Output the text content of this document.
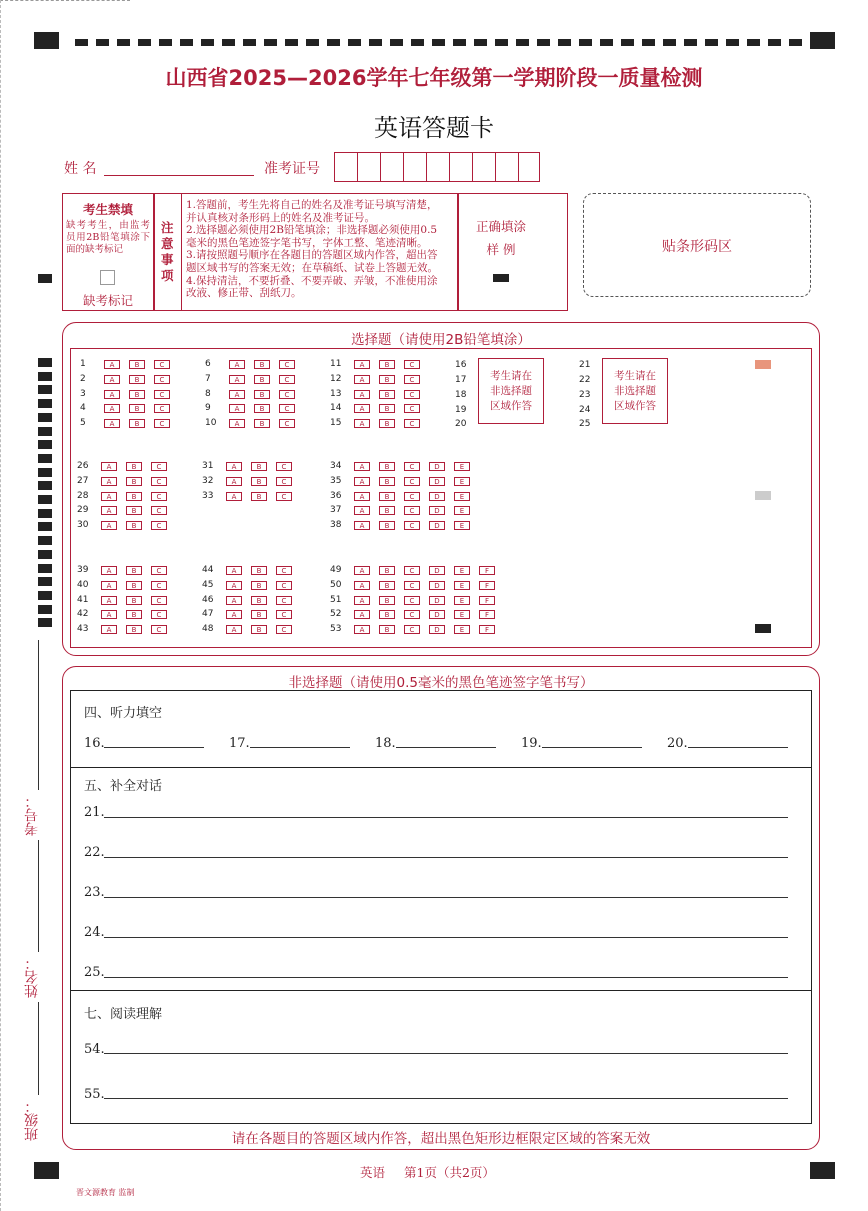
山西省2025—2026学年七年级第一学期阶段一质量检测
英语答题卡
姓 名	准考证号
考生禁填
缺考考生，由监考员用2B铅笔填涂下面的缺考标记
缺考标记
注意事项
1.答题前，考生先将自己的姓名及准考证号填写清楚，
并认真核对条形码上的姓名及准考证号。
2.选择题必须使用2B铅笔填涂；非选择题必须使用0.5
毫米的黑色笔迹签字笔书写，字体工整、笔迹清晰。
3.请按照题号顺序在各题目的答题区域内作答，超出答
题区域书写的答案无效；在草稿纸、试卷上答题无效。
4.保持清洁，不要折叠、不要弄破、弄皱，不准使用涂
改液、修正带、刮纸刀。
正确填涂
样 例	贴条形码区
选择题（请使用2B铅笔填涂）
1	A	B	C
2	A	B	C
3	A	B	C
4	A	B	C
5	A	B	C
6	A	B	C
7	A	B	C
8	A	B	C
9	A	B	C
10	A	B	C
11	A	B	C
12	A	B	C
13	A	B	C
14	A	B	C
15	A	B	C
26	A	B	C
27	A	B	C
28	A	B	C
29	A	B	C
30	A	B	C
31	A	B	C
32	A	B	C
33	A	B	C
34	A	B	C	D	E
35	A	B	C	D	E
36	A	B	C	D	E
37	A	B	C	D	E
38	A	B	C	D	E
39	A	B	C
40	A	B	C
41	A	B	C
42	A	B	C
43	A	B	C
44	A	B	C
45	A	B	C
46	A	B	C
47	A	B	C
48	A	B	C
49	A	B	C	D	E	F
50	A	B	C	D	E	F
51	A	B	C	D	E	F
52	A	B	C	D	E	F
53	A	B	C	D	E	F
16
17
18
19
20
考生请在
非选择题
区域作答
21
22
23
24
25
考生请在
非选择题
区域作答
非选择题（请使用0.5毫米的黑色笔迹签字笔书写）
四、听力填空
16.	17.	18.	19.	20.
五、补全对话
21.
22.
23.
24.
25.
七、阅读理解
54.
55.
请在各题目的答题区域内作答，超出黑色矩形边框限定区域的答案无效
考号：
姓名：
班级：
英语 第1页（共2页）
晋文源教育 监制
